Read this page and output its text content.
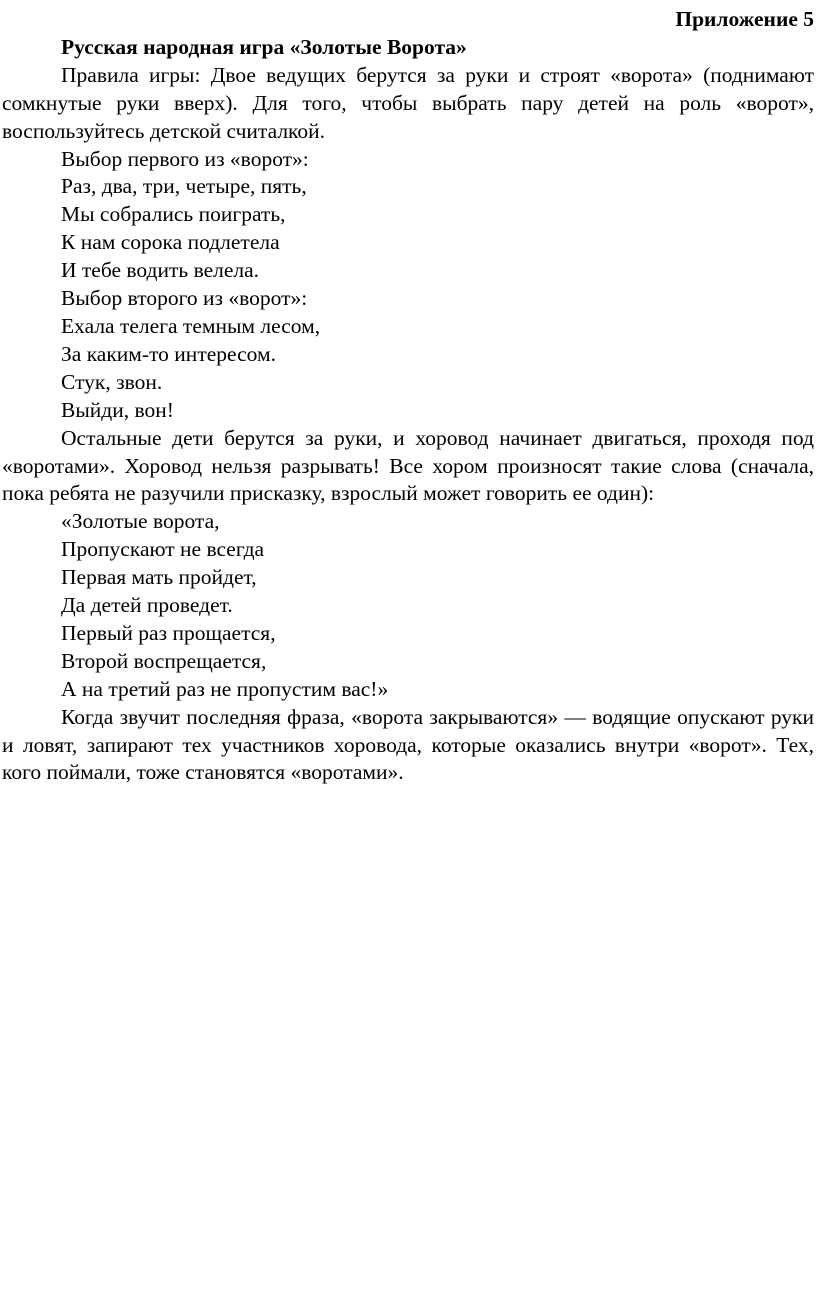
Приложение 5
Русская народная игра «Золотые Ворота»

Правила игры: Двое ведущих берутся за руки и строят «ворота» (поднимают сомкнутые руки вверх). Для того, чтобы выбрать пару детей на роль «ворот», воспользуйтесь детской считалкой.

Выбор первого из «ворот»:
Раз, два, три, четыре, пять,
Мы собрались поиграть,
К нам сорока подлетела
И тебе водить велела.
Выбор второго из «ворот»:
Ехала телега темным лесом,
За каким-то интересом.
Стук, звон.
Выйди, вон!

Остальные дети берутся за руки, и хоровод начинает двигаться, проходя под «воротами». Хоровод нельзя разрывать! Все хором произносят такие слова (сначала, пока ребята не разучили присказку, взрослый может говорить ее один):

«Золотые ворота,
Пропускают не всегда
Первая мать пройдет,
Да детей проведет.
Первый раз прощается,
Второй воспрещается,
А на третий раз не пропустим вас!»

Когда звучит последняя фраза, «ворота закрываются» — водящие опускают руки и ловят, запирают тех участников хоровода, которые оказались внутри «ворот». Тех, кого поймали, тоже становятся «воротами».
